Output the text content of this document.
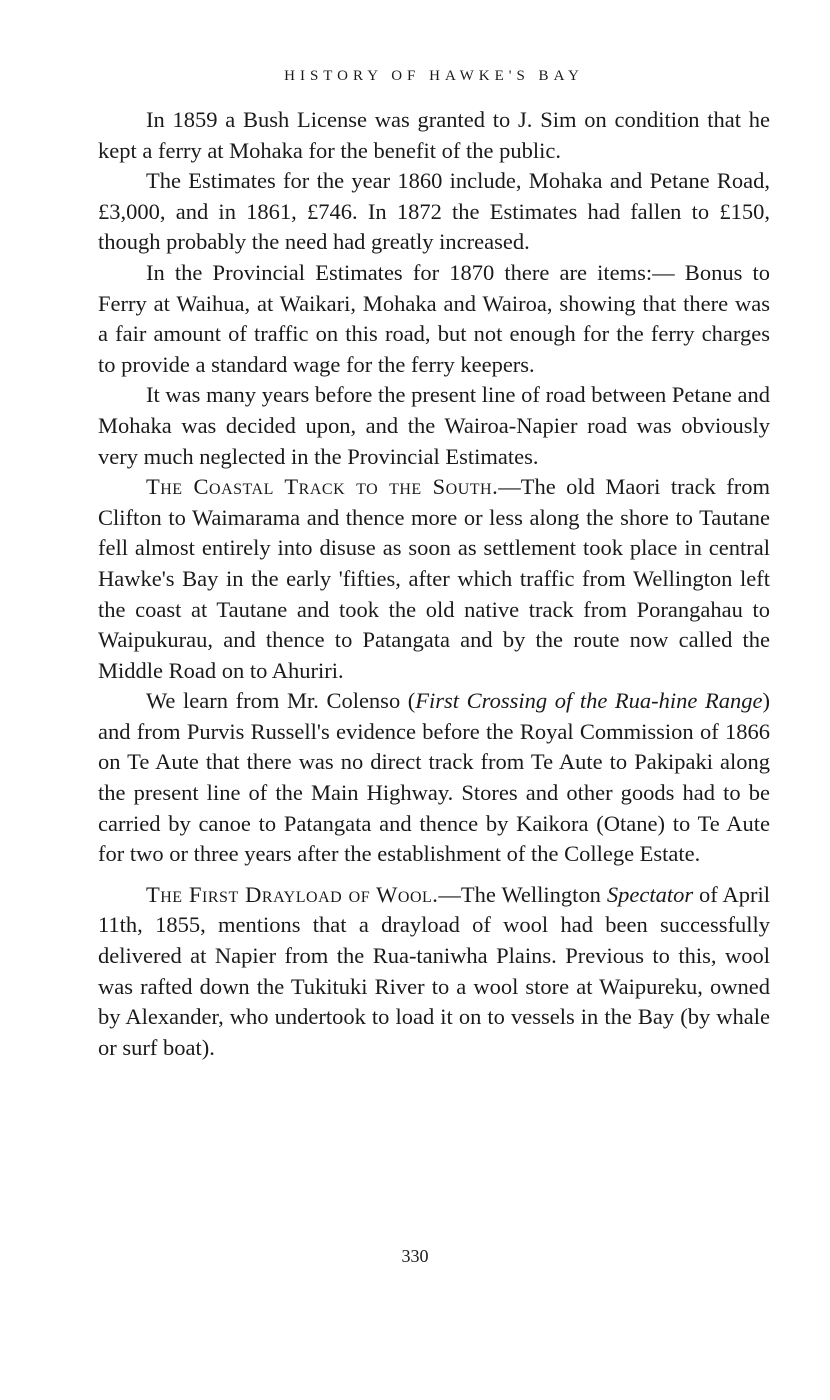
HISTORY OF HAWKE'S BAY

In 1859 a Bush License was granted to J. Sim on condition that he kept a ferry at Mohaka for the benefit of the public.

The Estimates for the year 1860 include, Mohaka and Petane Road, £3,000, and in 1861, £746. In 1872 the Estimates had fallen to £150, though probably the need had greatly increased.

In the Provincial Estimates for 1870 there are items:— Bonus to Ferry at Waihua, at Waikari, Mohaka and Wairoa, showing that there was a fair amount of traffic on this road, but not enough for the ferry charges to provide a standard wage for the ferry keepers.

It was many years before the present line of road between Petane and Mohaka was decided upon, and the Wairoa-Napier road was obviously very much neglected in the Provincial Estimates.

The Coastal Track to the South.—The old Maori track from Clifton to Waimarama and thence more or less along the shore to Tautane fell almost entirely into disuse as soon as settlement took place in central Hawke's Bay in the early 'fifties, after which traffic from Wellington left the coast at Tautane and took the old native track from Porangahau to Waipukurau, and thence to Patangata and by the route now called the Middle Road on to Ahuriri.

We learn from Mr. Colenso (First Crossing of the Rua-hine Range) and from Purvis Russell's evidence before the Royal Commission of 1866 on Te Aute that there was no direct track from Te Aute to Pakipaki along the present line of the Main Highway. Stores and other goods had to be carried by canoe to Patangata and thence by Kaikora (Otane) to Te Aute for two or three years after the establishment of the College Estate.

The First Drayload of Wool.—The Wellington Spectator of April 11th, 1855, mentions that a drayload of wool had been successfully delivered at Napier from the Rua-taniwha Plains. Previous to this, wool was rafted down the Tukituki River to a wool store at Waipureku, owned by Alexander, who undertook to load it on to vessels in the Bay (by whale or surf boat).

330
